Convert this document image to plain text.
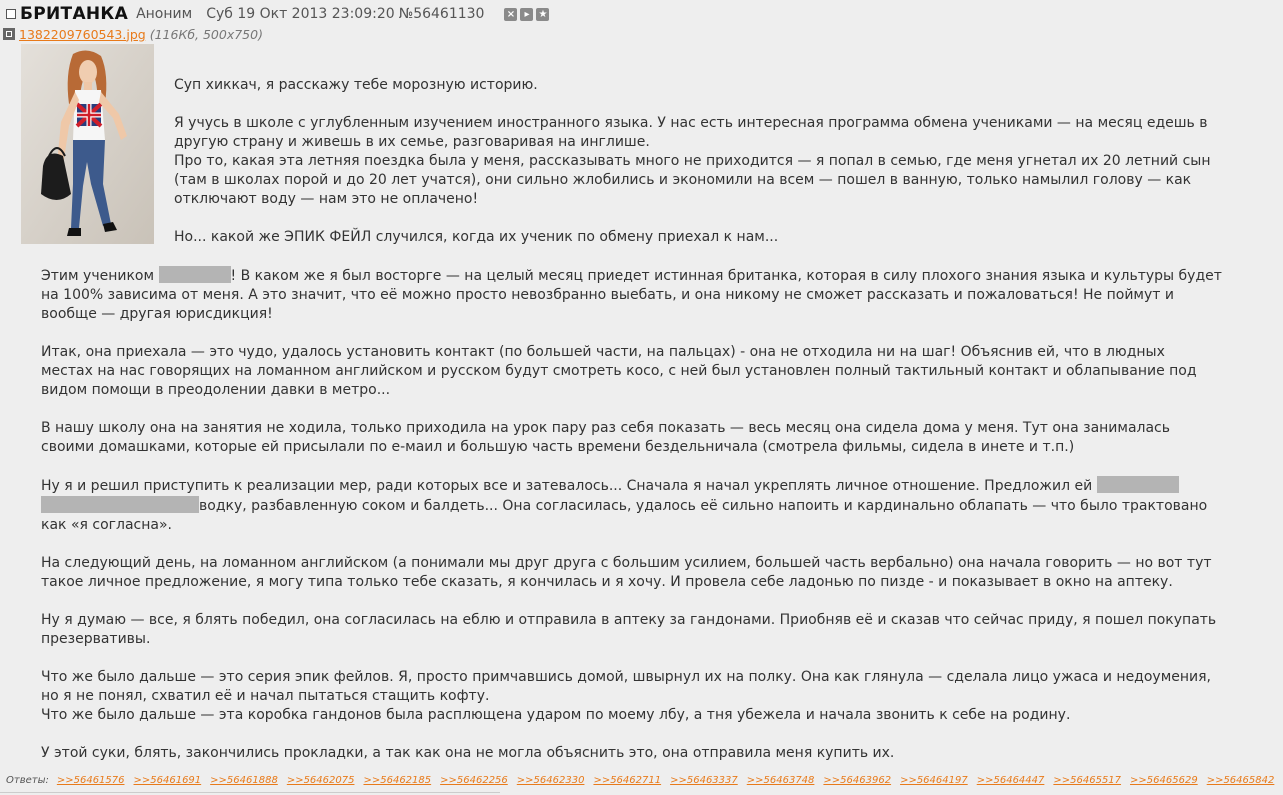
БРИТАНКА Аноним Суб 19 Окт 2013 23:09:20 №56461130 × ▸ ★
1382209760543.jpg (116Кб, 500x750)

Суп хиккач, я расскажу тебе морозную историю.

Я учусь в школе с углубленным изучением иностранного языка. У нас есть интересная программа обмена учениками — на месяц едешь в

другую страну и живешь в их семье, разговаривая на инглише.

Про то, какая эта летняя поездка была у меня, рассказывать много не приходится — я попал в семью, где меня угнетал их 20 летний сын

(там в школах порой и до 20 лет учатся), они сильно жлобились и экономили на всем — пошел в ванную, только намылил голову — как

отключают воду — нам это не оплачено!

Но... какой же ЭПИК ФЕЙЛ случился, когда их ученик по обмену приехал к нам...

Этим учеником	! В каком же я был восторге — на целый месяц приедет истинная британка, которая в силу плохого знания языка и культуры будет

на 100% зависима от меня. А это значит, что её можно просто невозбранно выебать, и она никому не сможет рассказать и пожаловаться! Не поймут и

вообще — другая юрисдикция!

Итак, она приехала — это чудо, удалось установить контакт (по большей части, на пальцах) - она не отходила ни на шаг! Объяснив ей, что в людных

местах на нас говорящих на ломанном английском и русском будут смотреть косо, с ней был установлен полный тактильный контакт и облапывание под

видом помощи в преодолении давки в метро...

В нашу школу она на занятия не ходила, только приходила на урок пару раз себя показать — весь месяц она сидела дома у меня. Тут она занималась

своими домашками, которые ей присылали по е-маил и большую часть времени бездельничала (смотрела фильмы, сидела в инете и т.п.)

Ну я и решил приступить к реализации мер, ради которых все и затевалось... Сначала я начал укреплять личное отношение. Предложил ей

водку, разбавленную соком и балдеть... Она согласилась, удалось её сильно напоить и кардинально облапать — что было трактовано

как «я согласна».

На следующий день, на ломанном английском (а понимали мы друг друга с большим усилием, большей часть вербально) она начала говорить — но вот тут

такое личное предложение, я могу типа только тебе сказать, я кончилась и я хочу. И провела себе ладонью по пизде - и показывает в окно на аптеку.

Ну я думаю — все, я блять победил, она согласилась на еблю и отправила в аптеку за гандонами. Приобняв её и сказав что сейчас приду, я пошел покупать

презервативы.

Что же было дальше — это серия эпик фейлов. Я, просто примчавшись домой, швырнул их на полку. Она как глянула — сделала лицо ужаса и недоумения,

но я не понял, схватил её и начал пытаться стащить кофту.

Что же было дальше — эта коробка гандонов была расплющена ударом по моему лбу, а тня убежела и начала звонить к себе на родину.

У этой суки, блять, закончились прокладки, а так как она не могла объяснить это, она отправила меня купить их.

Ответы: >>56461576 >>56461691 >>56461888 >>56462075 >>56462185 >>56462256 >>56462330 >>56462711 >>56463337 >>56463748 >>56463962 >>56464197 >>56464447 >>56465517 >>56465629 >>56465842
